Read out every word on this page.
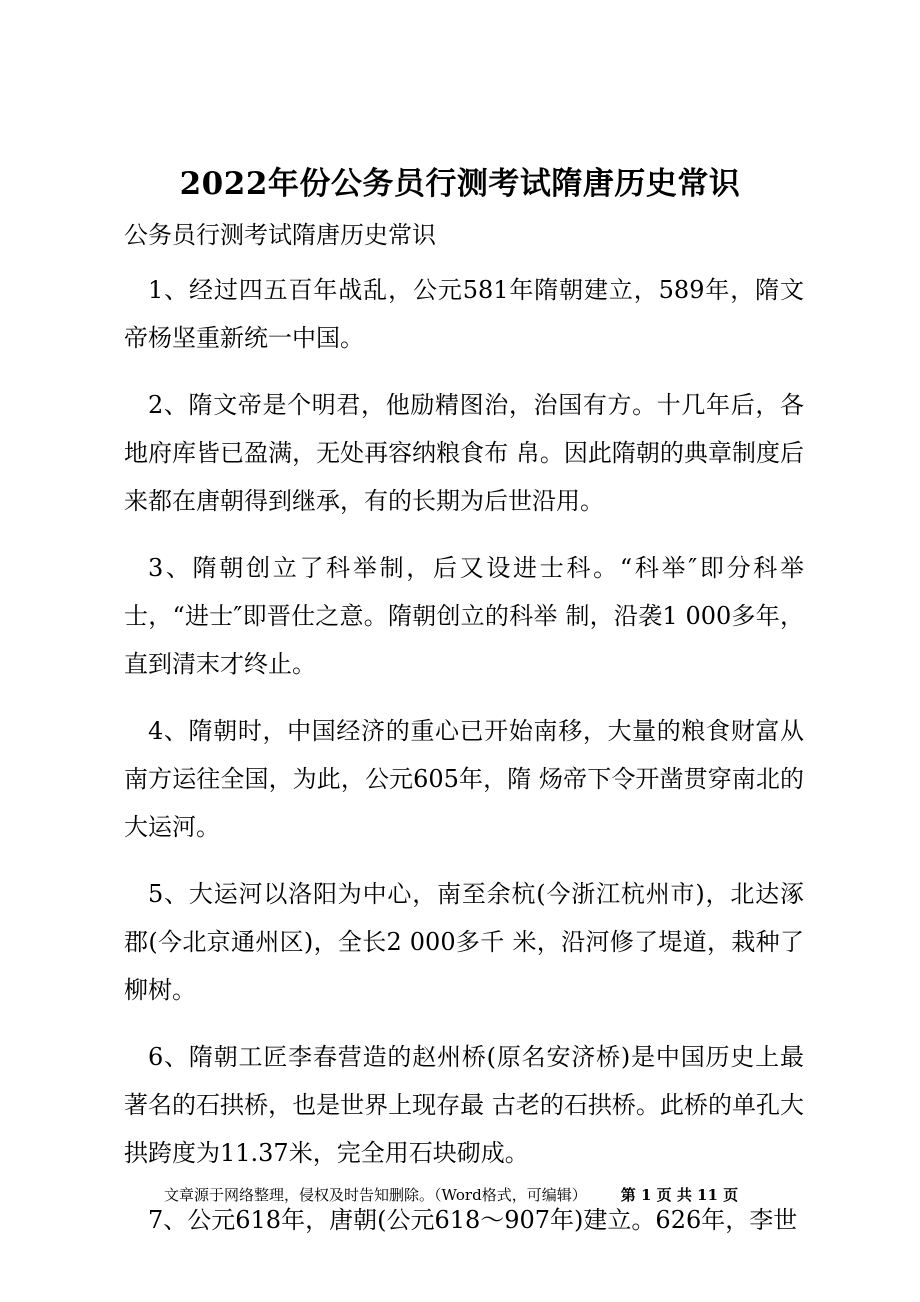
2022年份公务员行测考试隋唐历史常识
公务员行测考试隋唐历史常识

1、经过四五百年战乱，公元581年隋朝建立，589年，隋文帝杨坚重新统一中国。

2、隋文帝是个明君，他励精图治，治国有方。十几年后，各地府库皆已盈满，无处再容纳粮食布 帛。因此隋朝的典章制度后来都在唐朝得到继承，有的长期为后世沿用。

3、隋朝创立了科举制，后又设进士科。“科举″即分科举士，“进士″即晋仕之意。隋朝创立的科举 制，沿袭1 000多年，直到清末才终止。

4、隋朝时，中国经济的重心已开始南移，大量的粮食财富从南方运往全国，为此，公元605年，隋 炀帝下令开凿贯穿南北的大运河。

5、大运河以洛阳为中心，南至余杭(今浙江杭州市)，北达涿郡(今北京通州区)，全长2 000多千 米，沿河修了堤道，栽种了柳树。

6、隋朝工匠李春营造的赵州桥(原名安济桥)是中国历史上最著名的石拱桥，也是世界上现存最 古老的石拱桥。此桥的单孔大拱跨度为11.37米，完全用石块砌成。

7、公元618年，唐朝(公元618～907年)建立。626年，李世

文章源于网络整理，侵权及时告知删除。（Word格式，可编辑） 第 1 页 共 11 页
